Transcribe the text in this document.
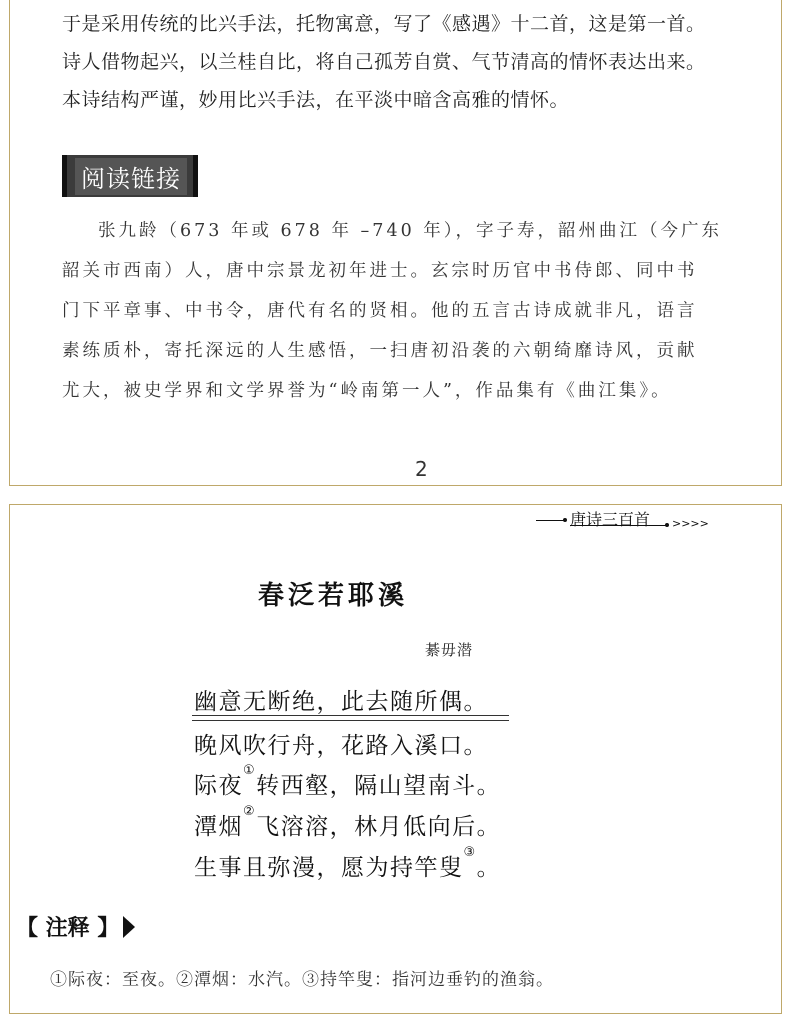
于是采用传统的比兴手法，托物寓意，写了《感遇》十二首，这是第一首。
诗人借物起兴，以兰桂自比，将自己孤芳自赏、气节清高的情怀表达出来。
本诗结构严谨，妙用比兴手法，在平淡中暗含高雅的情怀。
阅读链接
张九龄（673 年或 678 年 –740 年），字子寿，韶州曲江（今广东
韶关市西南）人，唐中宗景龙初年进士。玄宗时历官中书侍郎、同中书
门下平章事、中书令，唐代有名的贤相。他的五言古诗成就非凡，语言
素练质朴，寄托深远的人生感悟，一扫唐初沿袭的六朝绮靡诗风，贡献
尤大，被史学界和文学界誉为“岭南第一人”，作品集有《曲江集》。
2
唐诗三百首 >>>>
春泛若耶溪
綦毋潜
幽意无断绝，此去随所偶。
晚风吹行舟，花路入溪口。
际夜①转西壑，隔山望南斗。
潭烟②飞溶溶，林月低向后。
生事且弥漫，愿为持竿叟③。
【 注释 】
①际夜：至夜。②潭烟：水汽。③持竿叟：指河边垂钓的渔翁。
